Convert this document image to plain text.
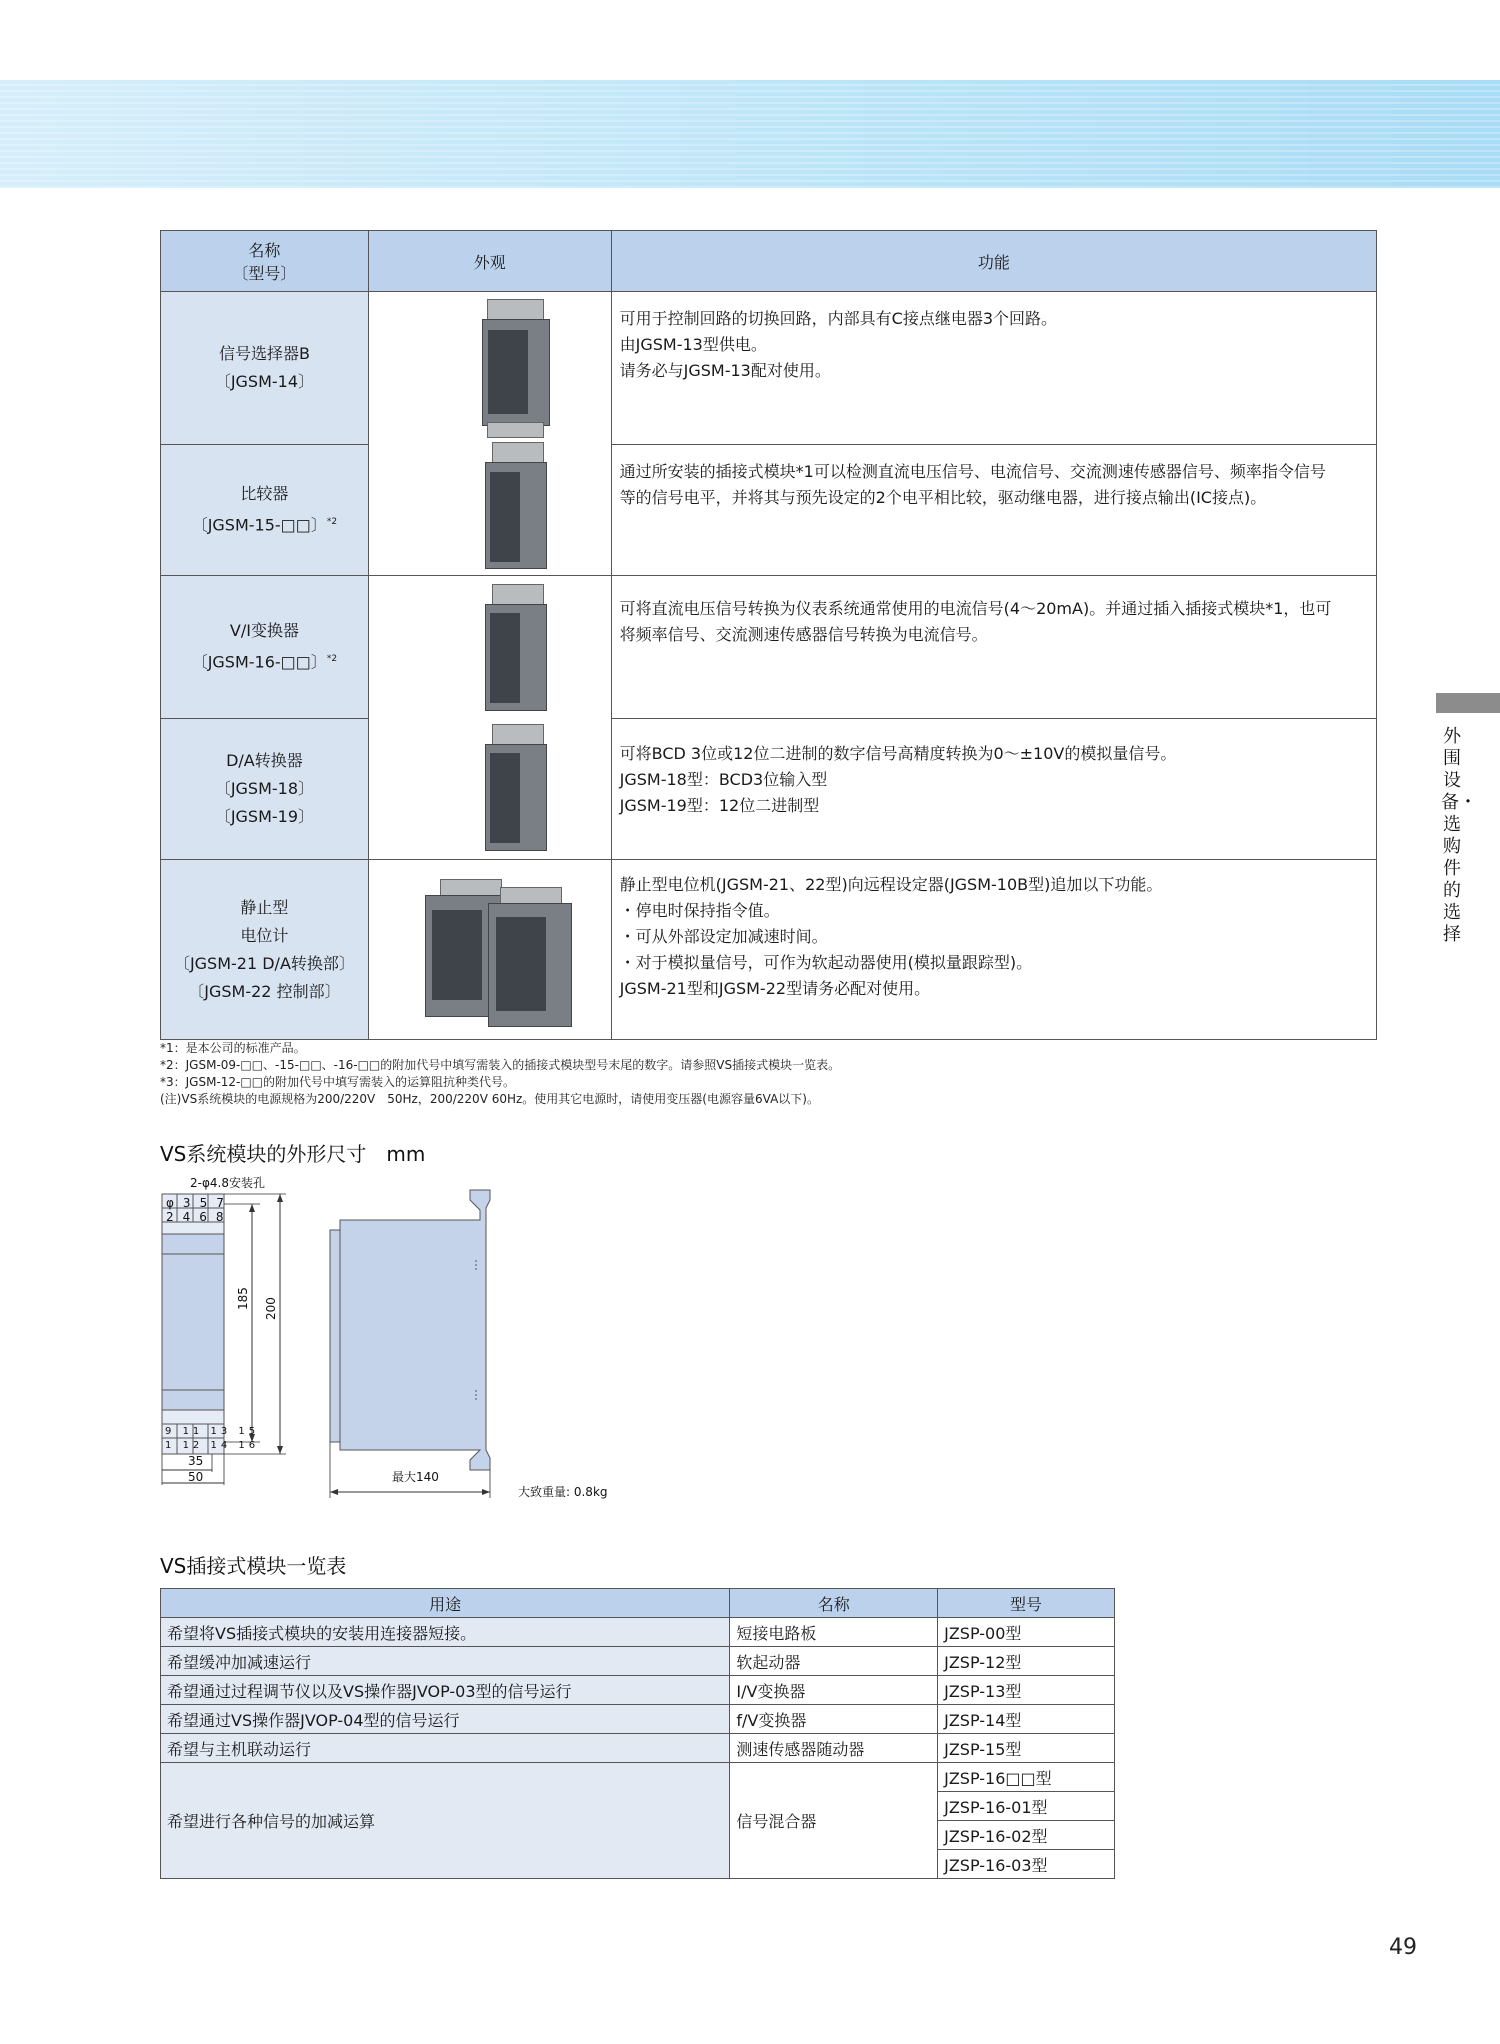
名称
〔型号〕	外观	功能

信号选择器B
〔JGSM-14〕		可用于控制回路的切换回路，内部具有C接点继电器3个回路。
由JGSM-13型供电。
请务必与JGSM-13配对使用。

比较器
〔JGSM-15-□□〕$^{*2}$		通过所安装的插接式模块*1可以检测直流电压信号、电流信号、交流测速传感器信号、频率指令信号
等的信号电平，并将其与预先设定的2个电平相比较，驱动继电器，进行接点输出(IC接点)。

V/I变换器
〔JGSM-16-□□〕$^{*2}$		可将直流电压信号转换为仪表系统通常使用的电流信号(4～20mA)。并通过插入插接式模块*1，也可
将频率信号、交流测速传感器信号转换为电流信号。

D/A转换器
〔JGSM-18〕
〔JGSM-19〕		可将BCD 3位或12位二进制的数字信号高精度转换为0～±10V的模拟量信号。
JGSM-18型：BCD3位输入型
JGSM-19型：12位二进制型

静止型
电位计
〔JGSM-21 D/A转换部〕
〔JGSM-22 控制部〕		静止型电位机(JGSM-21、22型)向远程设定器(JGSM-10B型)追加以下功能。
・停电时保持指令值。
・可从外部设定加减速时间。
・对于模拟量信号，可作为软起动器使用(模拟量跟踪型)。
JGSM-21型和JGSM-22型请务必配对使用。
*1：是本公司的标准产品。
*2：JGSM-09-□□、-15-□□、-16-□□的附加代号中填写需装入的插接式模块型号末尾的数字。请参照VS插接式模块一览表。
*3：JGSM-12-□□的附加代号中填写需装入的运算阻抗种类代号。
(注)VS系统模块的电源规格为200/220V　50Hz，200/220V 60Hz。使用其它电源时，请使用变压器(电源容量6VA以下)。
VS系统模块的外形尺寸　mm
2-φ4.8安装孔
φ357
2468
9 11 13 15
1 12 14 16
185 200
35
50	最大140
大致重量: 0.8kg
VS插接式模块一览表
用途	名称	型号
希望将VS插接式模块的安装用连接器短接。	短接电路板	JZSP-00型
希望缓冲加减速运行	软起动器	JZSP-12型
希望通过过程调节仪以及VS操作器JVOP-03型的信号运行	I/V变换器	JZSP-13型
希望通过VS操作器JVOP-04型的信号运行	f/V变换器	JZSP-14型
希望与主机联动运行	测速传感器随动器	JZSP-15型
希望进行各种信号的加减运算	信号混合器	JZSP-16□□型
		JZSP-16-01型
		JZSP-16-02型
		JZSP-16-03型
外围设备・选购件的选择
49
